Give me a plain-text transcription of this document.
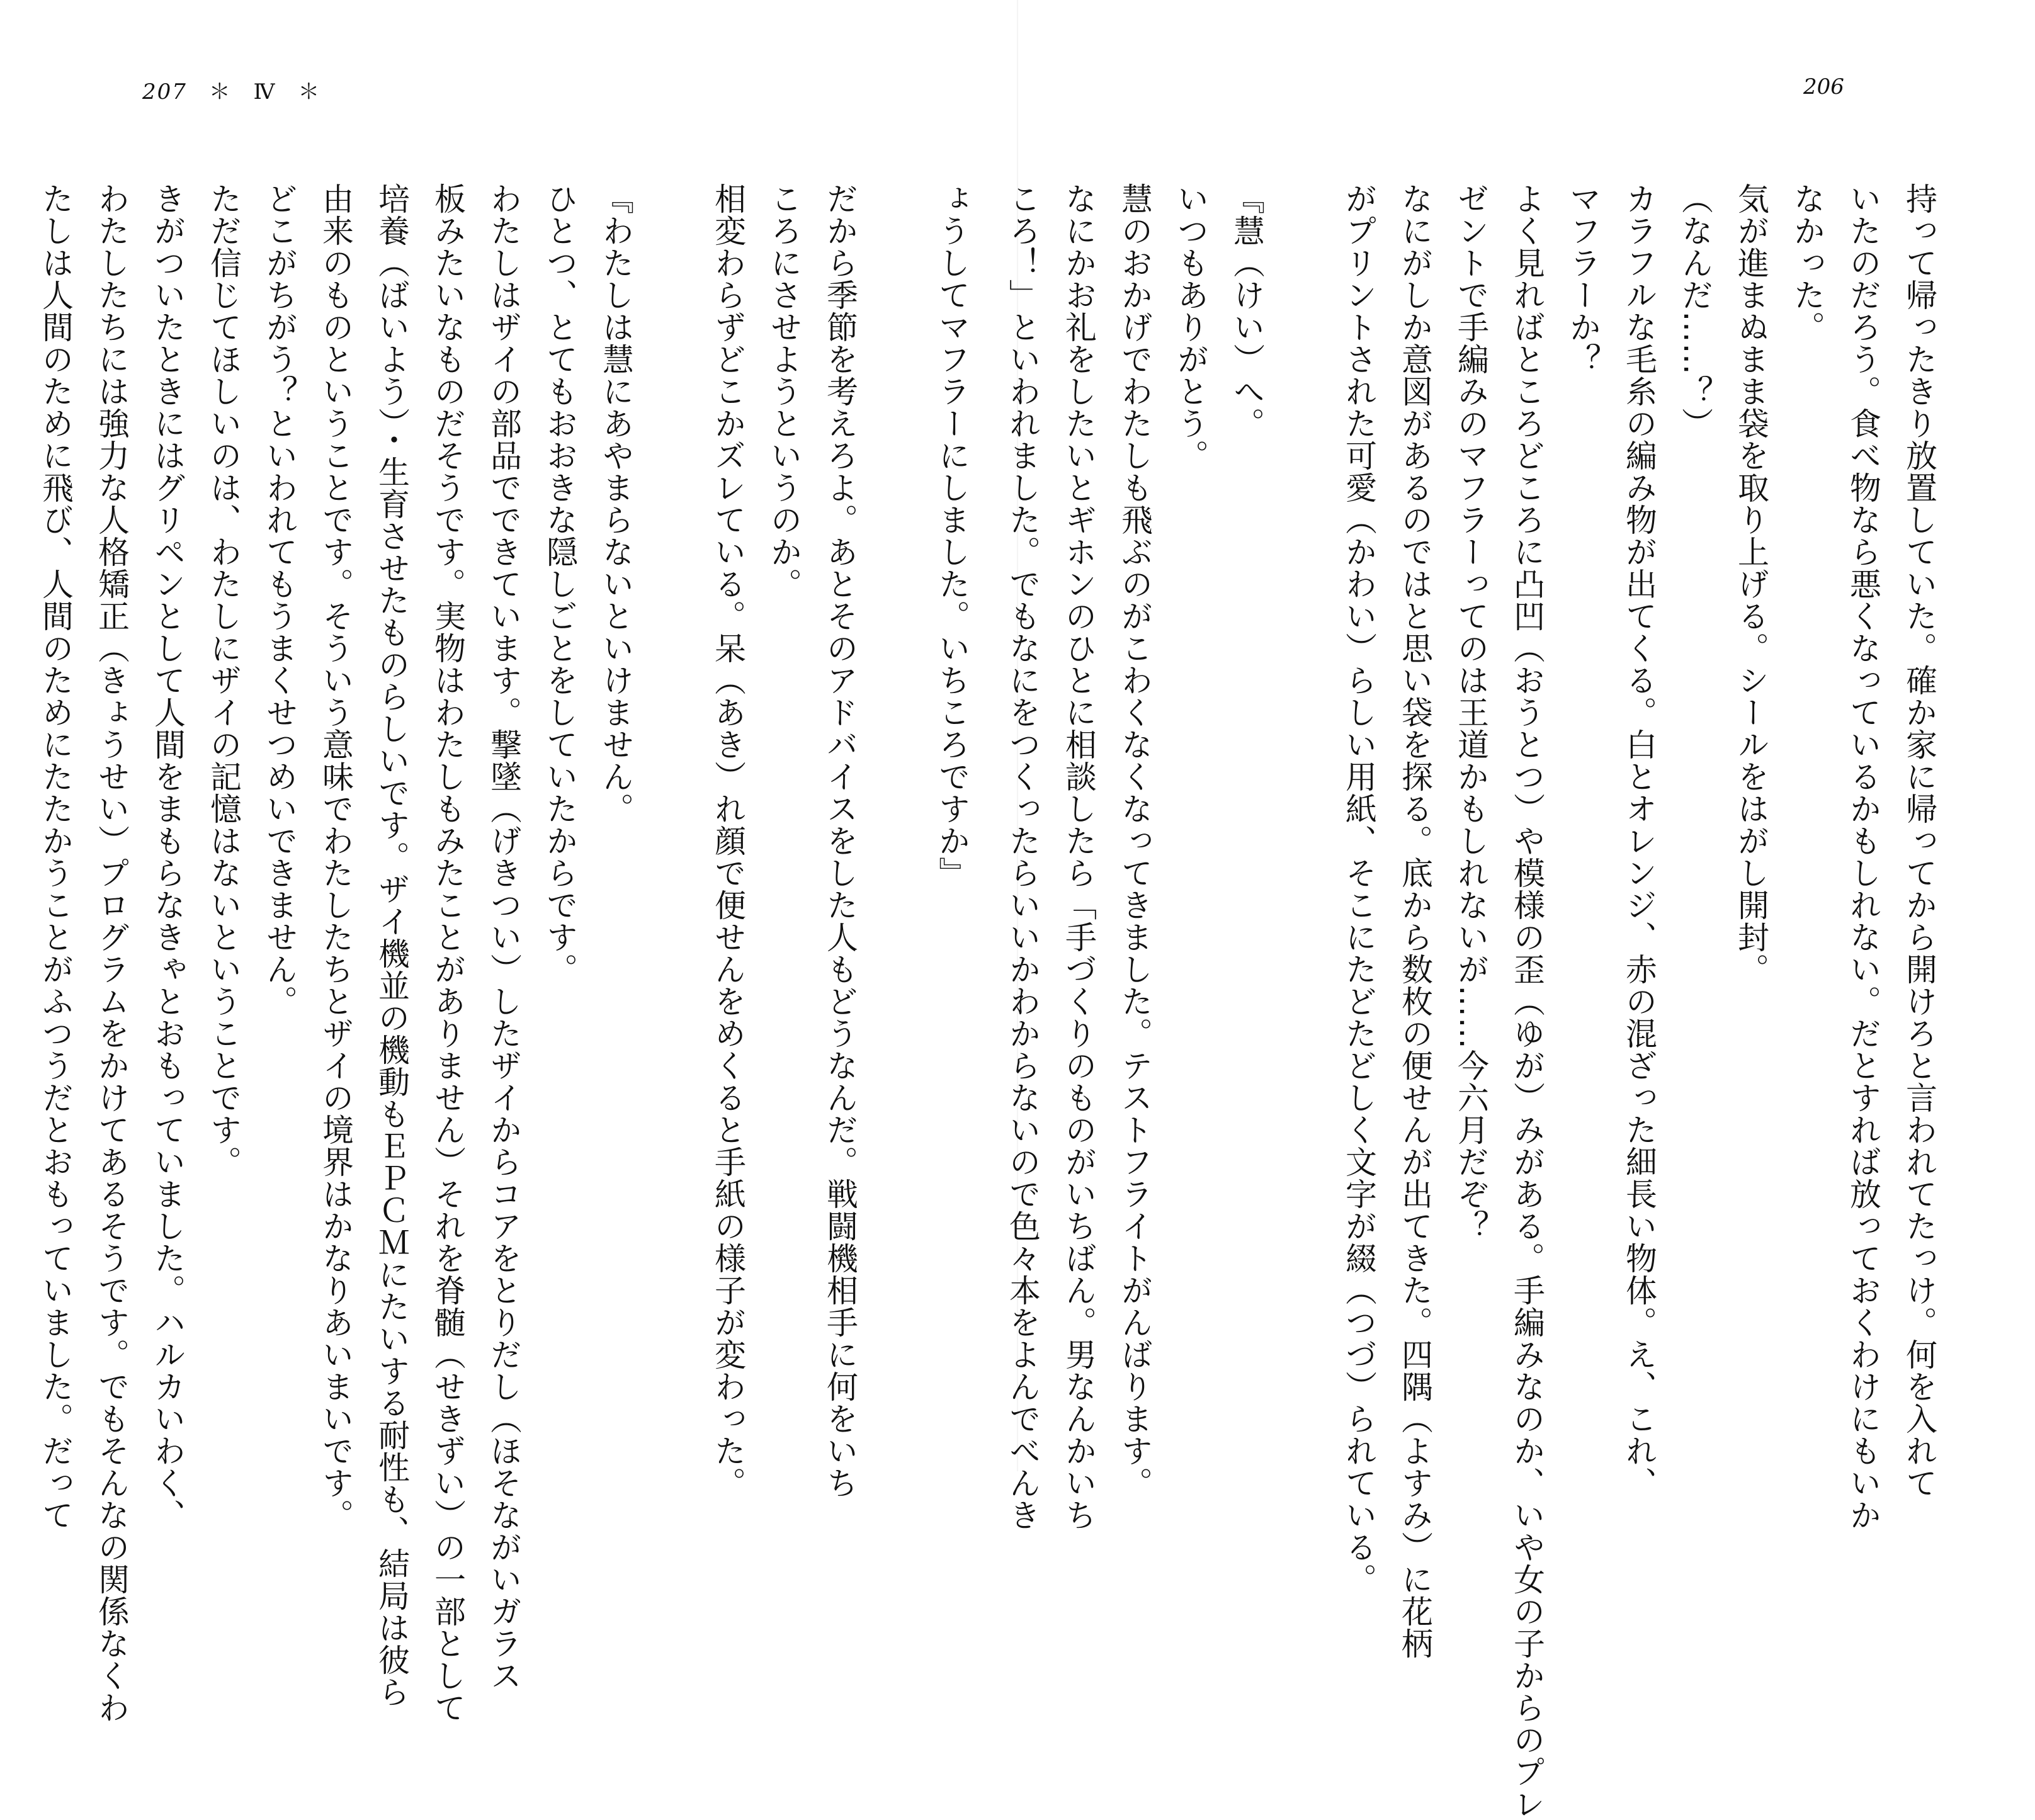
207 ＊ Ⅳ ＊
ょうしてマフラーにしました。いちころですか』
だから季節を考えろよ。あとそのアドバイスをした人もどうなんだ。戦闘機相手に何をいち
ころにさせようというのか。
相変わらずどこかズレている。呆（あき）れ顔で便せんをめくると手紙の様子が変わった。
『わたしは慧にあやまらないといけません。
ひとつ、とてもおおきな隠しごとをしていたからです。
わたしはザイの部品でできています。撃墜（げきつい）したザイからコアをとりだし（ほそながいガラス
板みたいなものだそうです。実物はわたしもみたことがありません）それを脊髄（せきずい）の一部として
培養（ばいよう）・生育させたものらしいです。ザイ機並の機動もＥＰＣＭにたいする耐性も、結局は彼ら
由来のものということです。そういう意味でわたしたちとザイの境界はかなりあいまいです。
どこがちがう？といわれてもうまくせつめいできません。
ただ信じてほしいのは、わたしにザイの記憶はないということです。
きがついたときにはグリペンとして人間をまもらなきゃとおもっていました。ハルカいわく、
わたしたちには強力な人格矯正（きょうせい）プログラムをかけてあるそうです。でもそんなの関係なくわ
たしは人間のために飛び、人間のためにたたかうことがふつうだとおもっていました。だって
206
持って帰ったきり放置していた。確か家に帰ってから開けろと言われてたっけ。何を入れて
いたのだろう。食べ物なら悪くなっているかもしれない。だとすれば放っておくわけにもいか
なかった。
気が進まぬまま袋を取り上げる。シールをはがし開封。
（なんだ……？）
カラフルな毛糸の編み物が出てくる。白とオレンジ、赤の混ざった細長い物体。え、これ、
マフラーか？
よく見ればところどころに凸凹（おうとつ）や模様の歪（ゆが）みがある。手編みなのか、いや女の子からのプレ
ゼントで手編みのマフラーってのは王道かもしれないが……今六月だぞ？
なにがしか意図があるのではと思い袋を探る。底から数枚の便せんが出てきた。四隅（よすみ）に花柄
がプリントされた可愛（かわい）らしい用紙、そこにたどたどしく文字が綴（つづ）られている。
『慧（けい）へ。
いつもありがとう。
慧のおかげでわたしも飛ぶのがこわくなくなってきました。テストフライトがんばります。
なにかお礼をしたいとギホンのひとに相談したら「手づくりのものがいちばん。男なんかいち
ころ！」といわれました。でもなにをつくったらいいかわからないので色々本をよんでべんき
